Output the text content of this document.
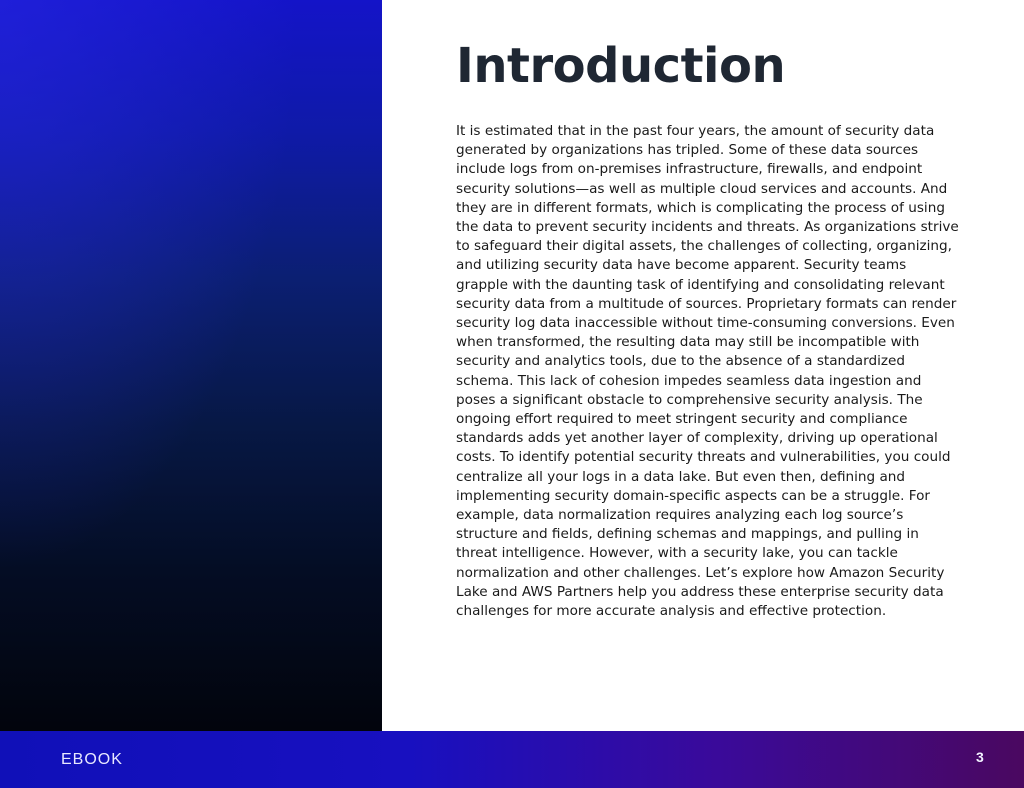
Introduction

It is estimated that in the past four years, the amount of security data generated by organizations has tripled. Some of these data sources include logs from on-premises infrastructure, firewalls, and endpoint security solutions—as well as multiple cloud services and accounts. And they are in different formats, which is complicating the process of using the data to prevent security incidents and threats. As organizations strive to safeguard their digital assets, the challenges of collecting, organizing, and utilizing security data have become apparent. Security teams grapple with the daunting task of identifying and consolidating relevant security data from a multitude of sources. Proprietary formats can render security log data inaccessible without time-consuming conversions. Even when transformed, the resulting data may still be incompatible with security and analytics tools, due to the absence of a standardized schema. This lack of cohesion impedes seamless data ingestion and poses a significant obstacle to comprehensive security analysis. The ongoing effort required to meet stringent security and compliance standards adds yet another layer of complexity, driving up operational costs. To identify potential security threats and vulnerabilities, you could centralize all your logs in a data lake. But even then, defining and implementing security domain-specific aspects can be a struggle. For example, data normalization requires analyzing each log source’s structure and fields, defining schemas and mappings, and pulling in threat intelligence. However, with a security lake, you can tackle normalization and other challenges. Let’s explore how Amazon Security Lake and AWS Partners help you address these enterprise security data challenges for more accurate analysis and effective protection.

EBOOK	3
